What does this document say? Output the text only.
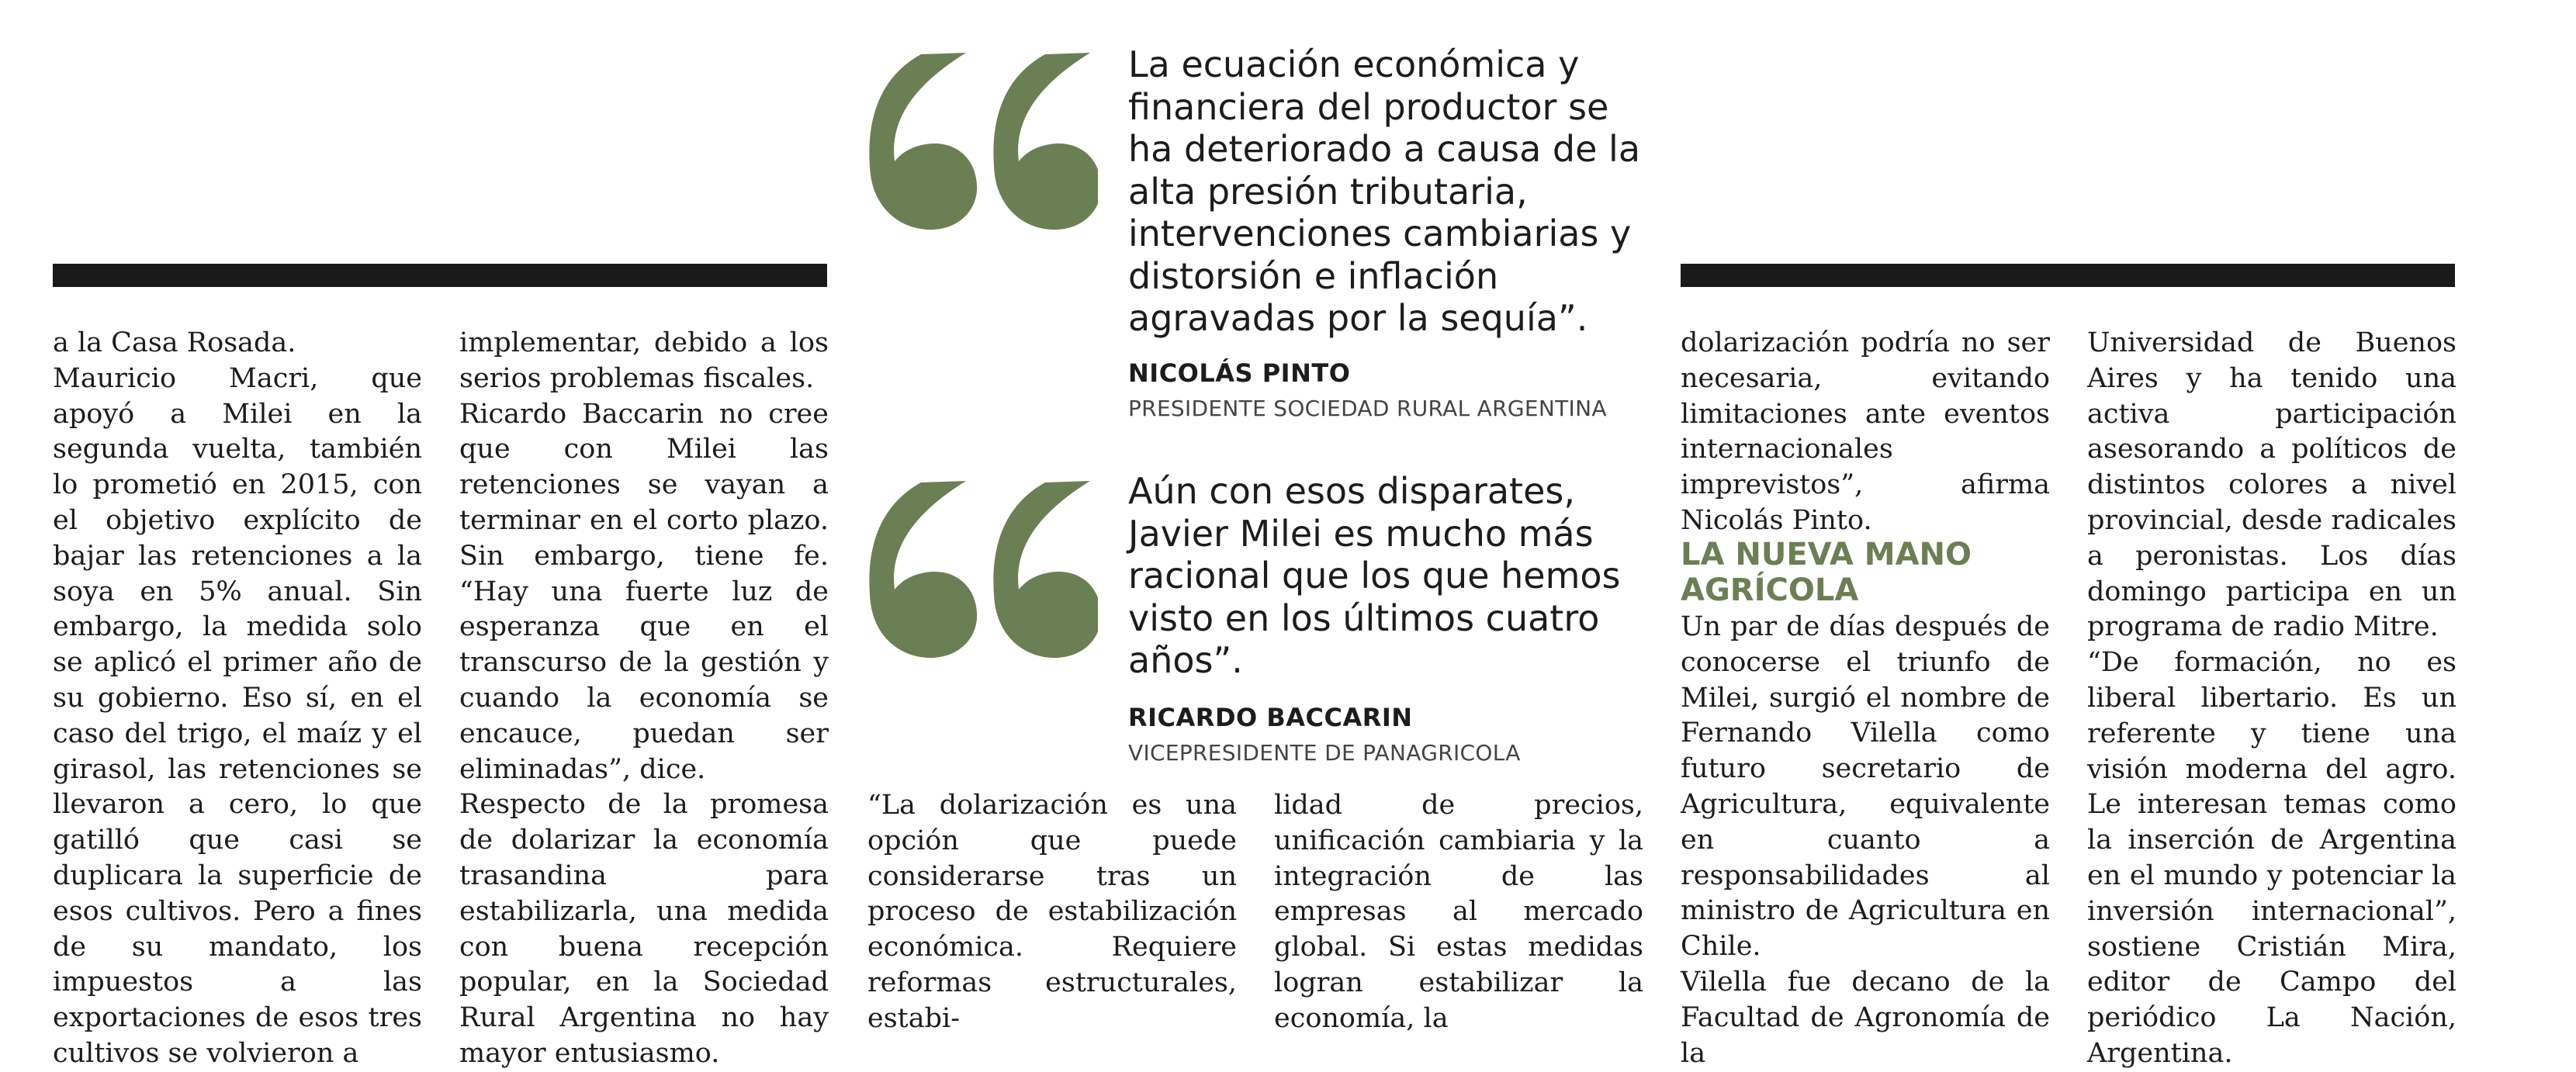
a la Casa Rosada.
Mauricio Macri, que apoyó a Milei en la segunda vuelta, también lo prometió en 2015, con el objetivo explícito de bajar las retenciones a la soya en 5% anual. Sin embargo, la medida solo se aplicó el primer año de su gobierno. Eso sí, en el caso del trigo, el maíz y el girasol, las retenciones se llevaron a cero, lo que gatilló que casi se duplicara la superficie de esos cultivos. Pero a fines de su mandato, los impuestos a las exportaciones de esos tres cultivos se volvieron a
implementar, debido a los serios problemas fiscales.
Ricardo Baccarin no cree que con Milei las retenciones se vayan a terminar en el corto plazo. Sin embargo, tiene fe. “Hay una fuerte luz de esperanza que en el transcurso de la gestión y cuando la economía se encauce, puedan ser eliminadas”, dice.
Respecto de la promesa de dolarizar la economía trasandina para estabilizarla, una medida con buena recepción popular, en la Sociedad Rural Argentina no hay mayor entusiasmo.
La ecuación económica y financiera del productor se ha deteriorado a causa de la alta presión tributaria, intervenciones cambiarias y distorsión e inflación agravadas por la sequía”.
NICOLÁS PINTO
PRESIDENTE SOCIEDAD RURAL ARGENTINA
Aún con esos disparates, Javier Milei es mucho más racional que los que hemos visto en los últimos cuatro años”.
RICARDO BACCARIN
VICEPRESIDENTE DE PANAGRICOLA
“La dolarización es una opción que puede considerarse tras un proceso de estabilización económica. Requiere reformas estructurales, estabi-
lidad de precios, unificación cambiaria y la integración de las empresas al mercado global. Si estas medidas logran estabilizar la economía, la
dolarización podría no ser necesaria, evitando limitaciones ante eventos internacionales imprevistos”, afirma Nicolás Pinto.
LA NUEVA MANO
AGRÍCOLA
Un par de días después de conocerse el triunfo de Milei, surgió el nombre de Fernando Vilella como futuro secretario de Agricultura, equivalente en cuanto a responsabilidades al ministro de Agricultura en Chile.
Vilella fue decano de la Facultad de Agronomía de la
Universidad de Buenos Aires y ha tenido una activa participación asesorando a políticos de distintos colores a nivel provincial, desde radicales a peronistas. Los días domingo participa en un programa de radio Mitre.
“De formación, no es liberal libertario. Es un referente y tiene una visión moderna del agro. Le interesan temas como la inserción de Argentina en el mundo y potenciar la inversión internacional”, sostiene Cristián Mira, editor de Campo del periódico La Nación, Argentina.
